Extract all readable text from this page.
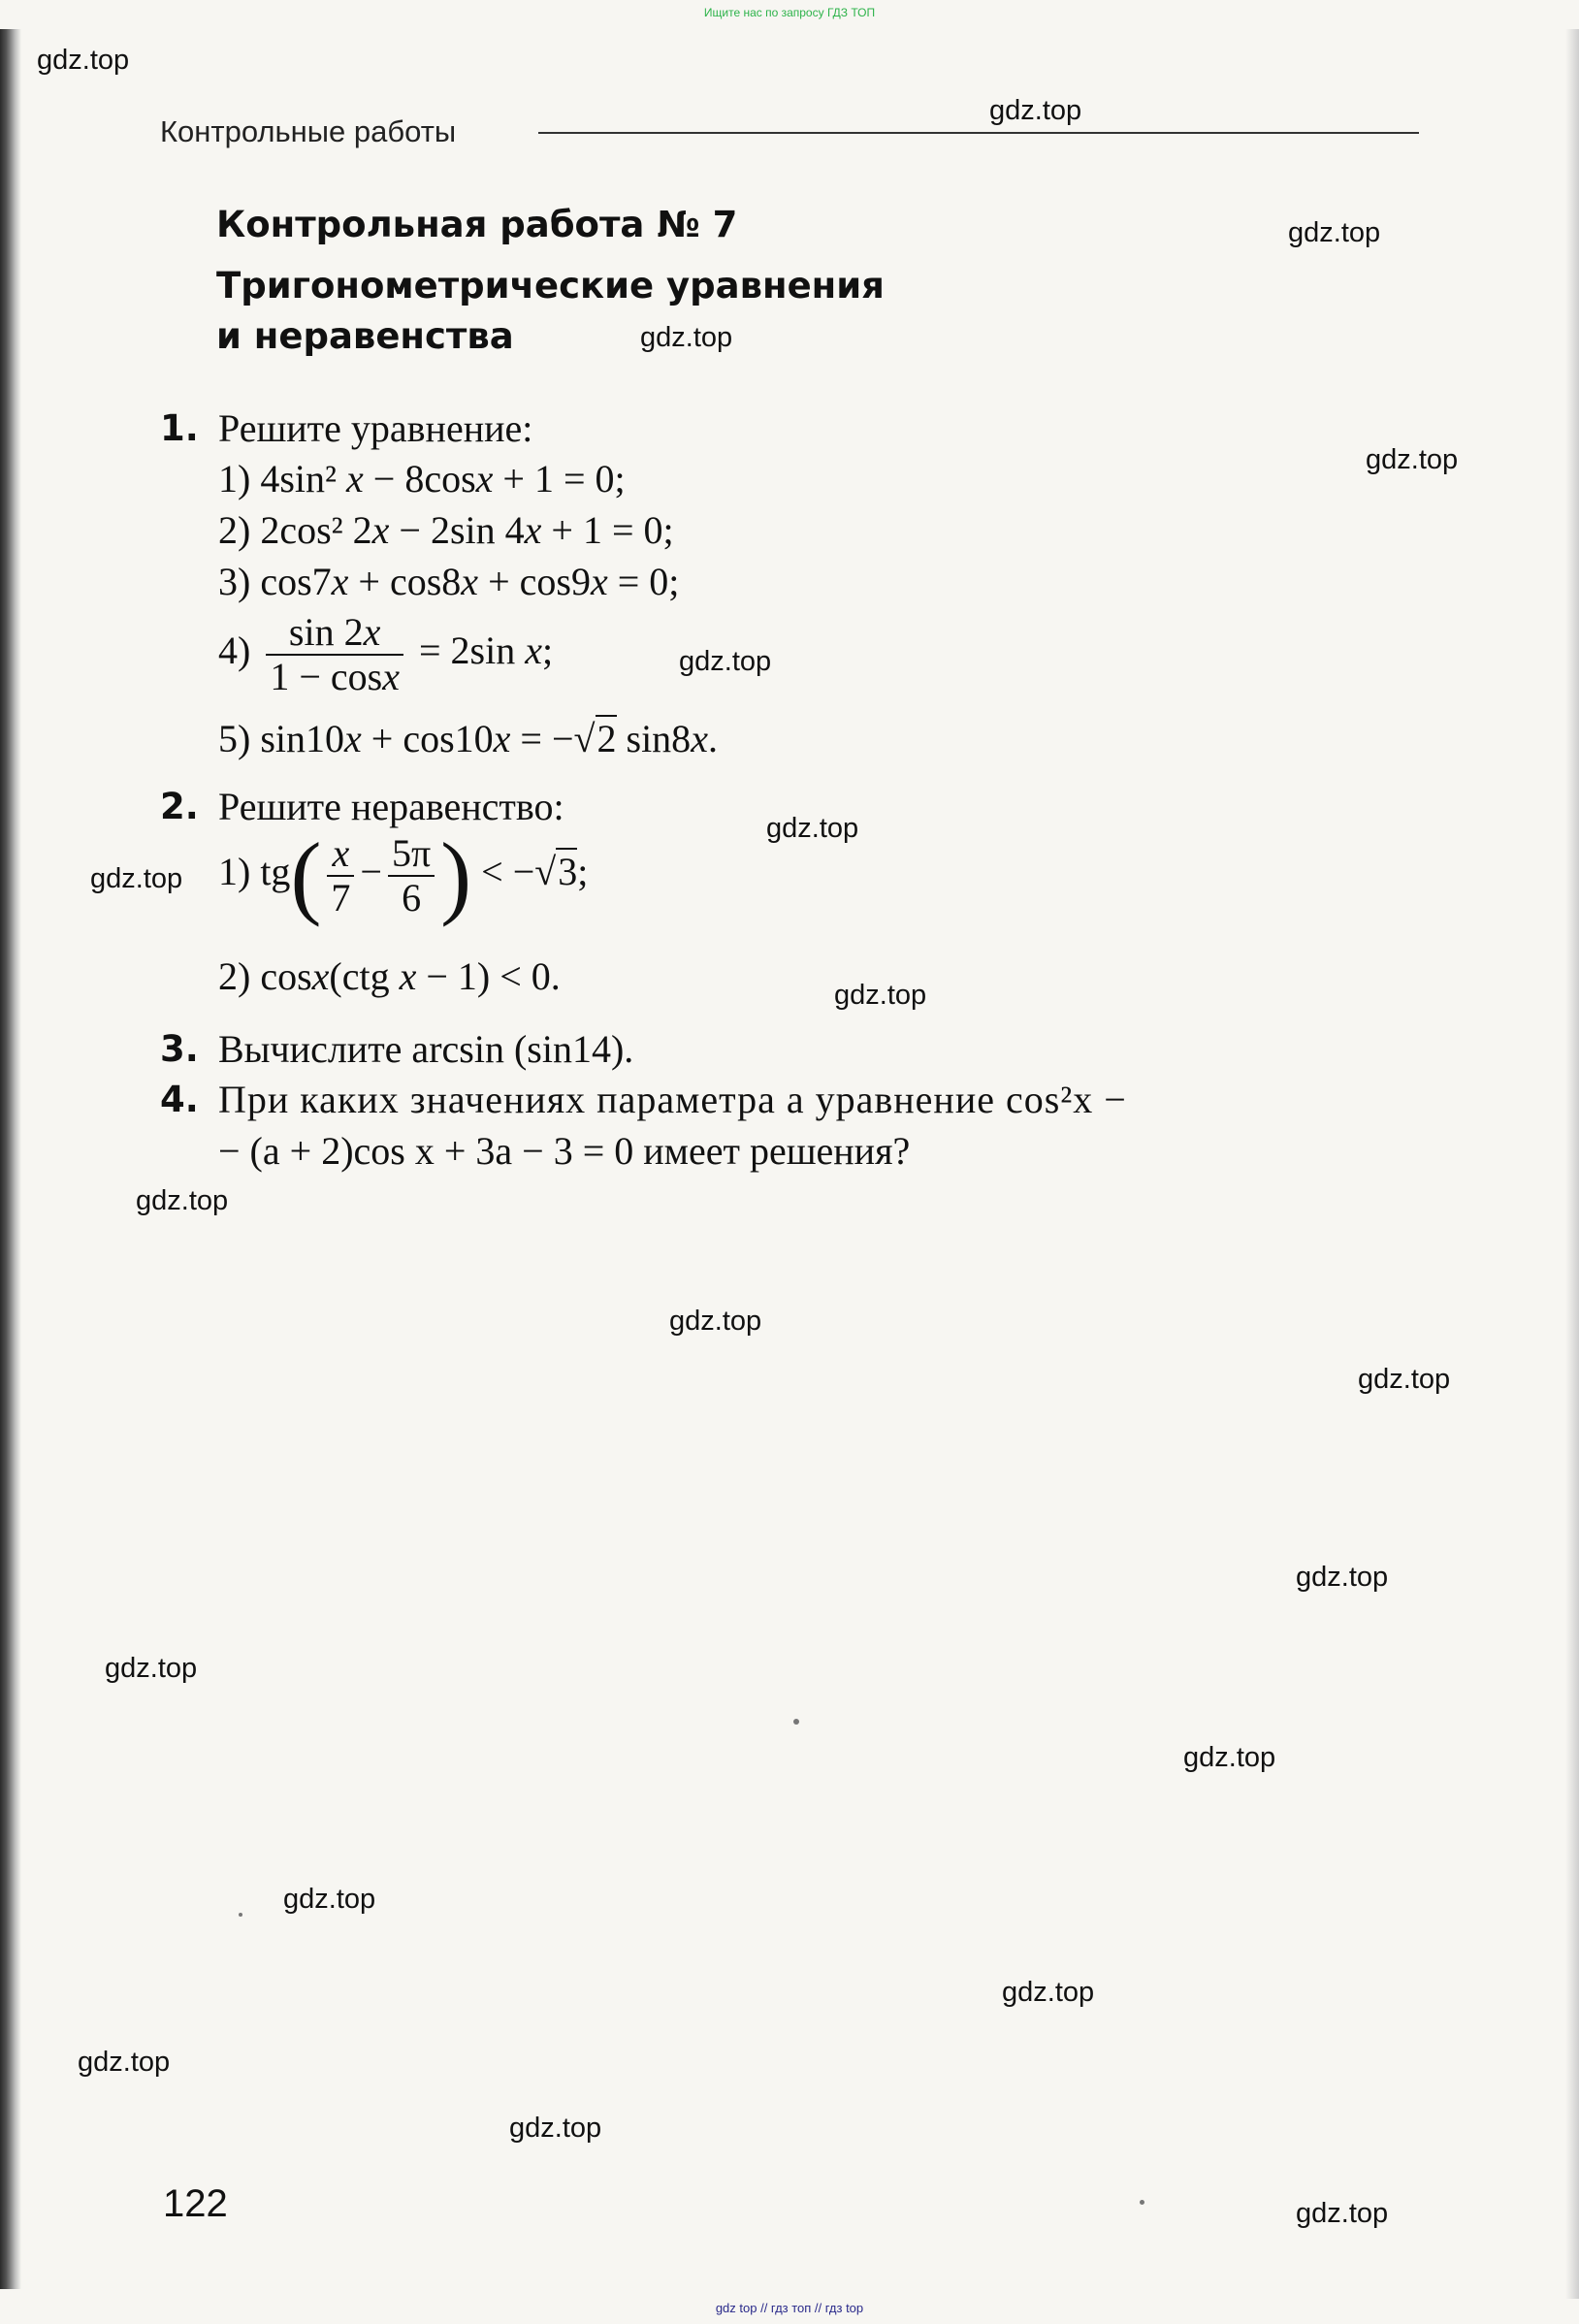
Ищите нас по запросу ГДЗ ТОП
Контрольные работы
Контрольная работа № 7
Тригонометрические уравнения
и неравенства
1. Решите уравнение:
1) 4sin² x − 8cosx + 1 = 0;
2) 2cos² 2x − 2sin 4x + 1 = 0;
3) cos7x + cos8x + cos9x = 0;
$4) \frac{\sin 2x}{1 - \cos x} = 2\sin$ x;
5) sin10x + cos10x = −√2 sin8x.
2. Решите неравенство:
1) $tg( \frac{x}{7} - \frac{5\pi}{6}$ ) < −√3;
2) cosx(ctg x − 1) < 0.
3. Вычислите arcsin (sin14).
4. При каких значениях параметра a уравнение cos²x −
− (a + 2)cos x + 3a − 3 = 0 имеет решения?
122
gdz.top
gdz.top
gdz.top
gdz.top
gdz.top
gdz.top
gdz.top
gdz.top
gdz.top
gdz.top
gdz.top
gdz.top
gdz.top
gdz.top
gdz.top
gdz.top
gdz.top
gdz.top
gdz.top
gdz.top
gdz top // гдз топ // гдз top
